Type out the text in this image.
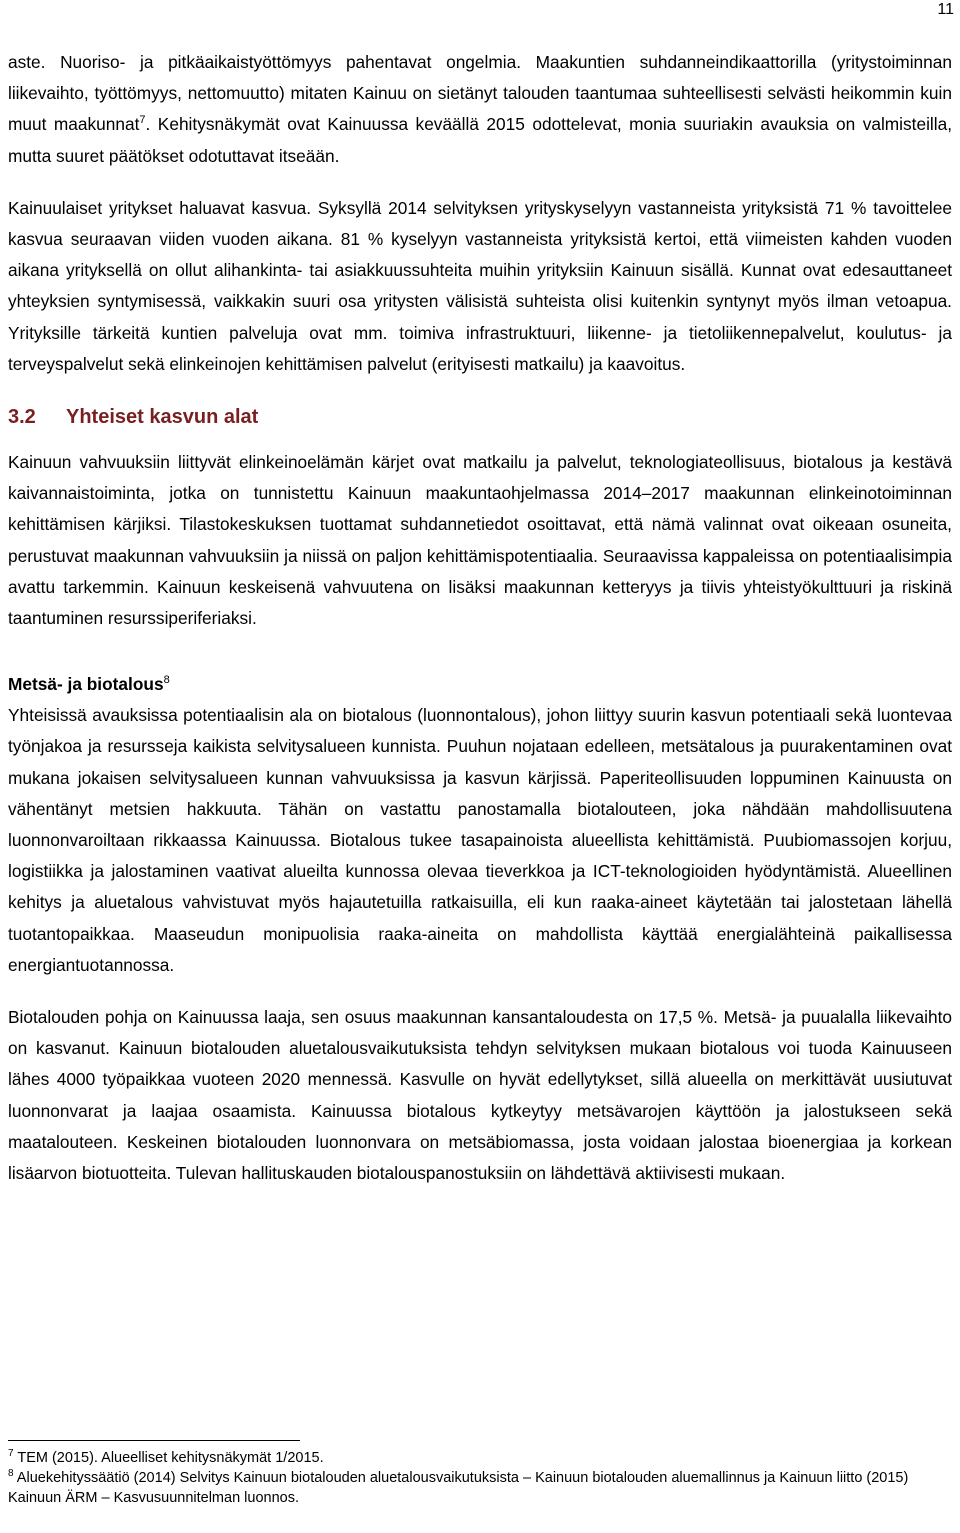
11

aste. Nuoriso- ja pitkäaikaistyöttömyys pahentavat ongelmia. Maakuntien suhdanneindikaattorilla (yritystoiminnan liikevaihto, työttömyys, nettomuutto) mitaten Kainuu on sietänyt talouden taantumaa suhteellisesti selvästi heikommin kuin muut maakunnat$^7$. Kehitysnäkymät ovat Kainuussa keväällä 2015 odottelevat, monia suuriakin avauksia on valmisteilla, mutta suuret päätökset odotuttavat itseään.

Kainuulaiset yritykset haluavat kasvua. Syksyllä 2014 selvityksen yrityskyselyyn vastanneista yrityksistä 71 % tavoittelee kasvua seuraavan viiden vuoden aikana. 81 % kyselyyn vastanneista yrityksistä kertoi, että viimeisten kahden vuoden aikana yrityksellä on ollut alihankinta- tai asiakkuussuhteita muihin yrityksiin Kainuun sisällä. Kunnat ovat edesauttaneet yhteyksien syntymisessä, vaikkakin suuri osa yritysten välisistä suhteista olisi kuitenkin syntynyt myös ilman vetoapua. Yrityksille tärkeitä kuntien palveluja ovat mm. toimiva infrastruktuuri, liikenne- ja tietoliikennepalvelut, koulutus- ja terveyspalvelut sekä elinkeinojen kehittämisen palvelut (erityisesti matkailu) ja kaavoitus.

3.2 Yhteiset kasvun alat

Kainuun vahvuuksiin liittyvät elinkeinoelämän kärjet ovat matkailu ja palvelut, teknologiateollisuus, biotalous ja kestävä kaivannaistoiminta, jotka on tunnistettu Kainuun maakuntaohjelmassa 2014–2017 maakunnan elinkeinotoiminnan kehittämisen kärjiksi. Tilastokeskuksen tuottamat suhdannetiedot osoittavat, että nämä valinnat ovat oikeaan osuneita, perustuvat maakunnan vahvuuksiin ja niissä on paljon kehittämispotentiaalia. Seuraavissa kappaleissa on potentiaalisimpia avattu tarkemmin. Kainuun keskeisenä vahvuutena on lisäksi maakunnan ketteryys ja tiivis yhteistyökulttuuri ja riskinä taantuminen resurssiperiferiaksi.

Metsä- ja biotalous$^8$

Yhteisissä avauksissa potentiaalisin ala on biotalous (luonnontalous), johon liittyy suurin kasvun potentiaali sekä luontevaa työnjakoa ja resursseja kaikista selvitysalueen kunnista. Puuhun nojataan edelleen, metsätalous ja puurakentaminen ovat mukana jokaisen selvitysalueen kunnan vahvuuksissa ja kasvun kärjissä. Paperiteollisuuden loppuminen Kainuusta on vähentänyt metsien hakkuuta. Tähän on vastattu panostamalla biotalouteen, joka nähdään mahdollisuutena luonnonvaroiltaan rikkaassa Kainuussa. Biotalous tukee tasapainoista alueellista kehittämistä. Puubiomassojen korjuu, logistiikka ja jalostaminen vaativat alueilta kunnossa olevaa tieverkkoa ja ICT-teknologioiden hyödyntämistä. Alueellinen kehitys ja aluetalous vahvistuvat myös hajautetuilla ratkaisuilla, eli kun raaka-aineet käytetään tai jalostetaan lähellä tuotantopaikkaa. Maaseudun monipuolisia raaka-aineita on mahdollista käyttää energialähteinä paikallisessa energiantuotannossa.

Biotalouden pohja on Kainuussa laaja, sen osuus maakunnan kansantaloudesta on 17,5 %. Metsä- ja puualalla liikevaihto on kasvanut. Kainuun biotalouden aluetalousvaikutuksista tehdyn selvityksen mukaan biotalous voi tuoda Kainuuseen lähes 4000 työpaikkaa vuoteen 2020 mennessä. Kasvulle on hyvät edellytykset, sillä alueella on merkittävät uusiutuvat luonnonvarat ja laajaa osaamista. Kainuussa biotalous kytkeytyy metsävarojen käyttöön ja jalostukseen sekä maatalouteen. Keskeinen biotalouden luonnonvara on metsäbiomassa, josta voidaan jalostaa bioenergiaa ja korkean lisäarvon biotuotteita. Tulevan hallituskauden biotalouspanostuksiin on lähdettävä aktiivisesti mukaan.

$^7$ TEM (2015). Alueelliset kehitysnäkymät 1/2015.

$^8$ Aluekehityssäätiö (2014) Selvitys Kainuun biotalouden aluetalousvaikutuksista – Kainuun biotalouden aluemallinnus ja Kainuun liitto (2015) Kainuun ÄRM – Kasvusuunnitelman luonnos.
